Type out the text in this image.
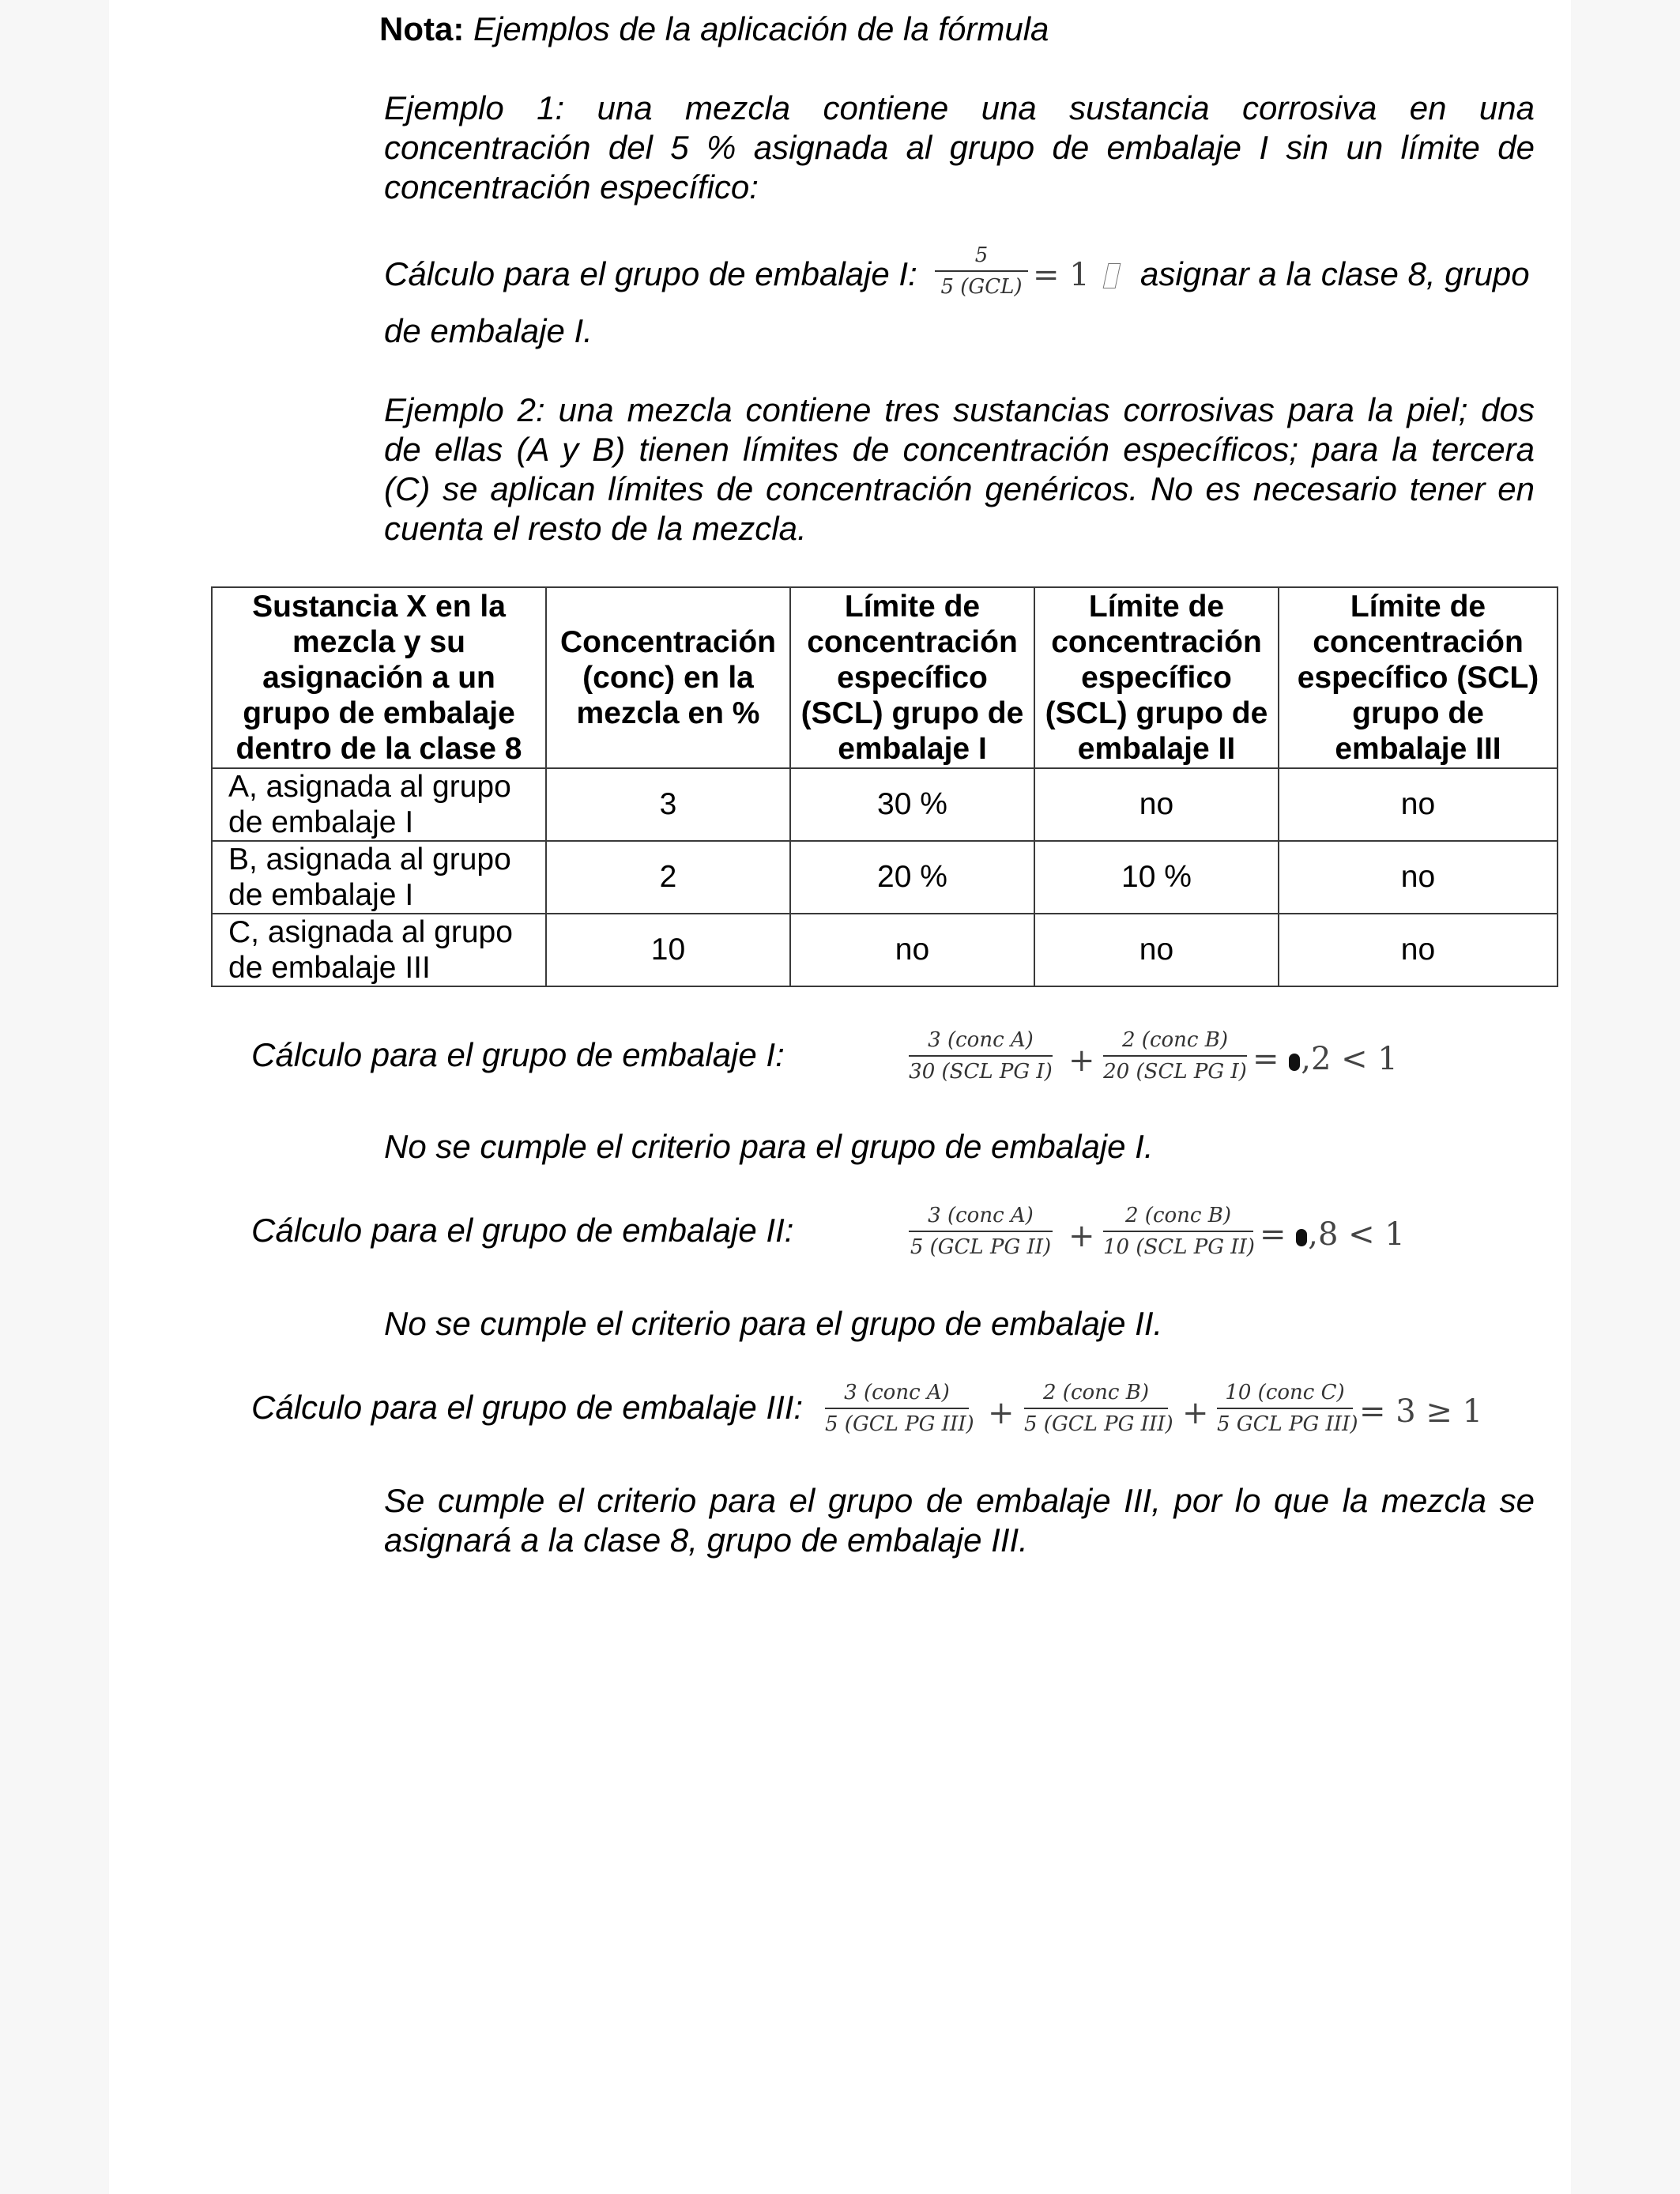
Nota: Ejemplos de la aplicación de la fórmula
Ejemplo 1: una mezcla contiene una sustancia corrosiva en una concentración del 5 % asignada al grupo de embalaje I sin un límite de concentración específico:
Cálculo para el grupo de embalaje I:	5
5 (GCL) = 1	asignar a la clase 8, grupo
de embalaje I.
Ejemplo 2: una mezcla contiene tres sustancias corrosivas para la piel; dos de ellas (A y B) tienen límites de concentración específicos; para la tercera (C) se aplican límites de concentración genéricos. No es necesario tener en cuenta el resto de la mezcla.
Sustancia X en la mezcla y su asignación a un grupo de embalaje dentro de la clase 8	Concentración (conc) en la mezcla en %	Límite de concentración específico (SCL) grupo de embalaje I	Límite de concentración específico (SCL) grupo de embalaje II	Límite de concentración específico (SCL) grupo de embalaje III
A, asignada al grupo de embalaje I	3	30 %	no	no
B, asignada al grupo de embalaje I	2	20 %	10 %	no
C, asignada al grupo de embalaje III	10	no	no	no
Cálculo para el grupo de embalaje I:	3 (conc A)
30 (SCL PG I) +
2 (conc B)
20 (SCL PG I) = ,2 < 1
No se cumple el criterio para el grupo de embalaje I.
Cálculo para el grupo de embalaje II:	3 (conc A)
5 (GCL PG II) +
2 (conc B)
10 (SCL PG II) = ,8 < 1
No se cumple el criterio para el grupo de embalaje II.
Cálculo para el grupo de embalaje III:	3 (conc A)
5 (GCL PG III) +
2 (conc B)
5 (GCL PG III) +
10 (conc C)
5 GCL PG III) = 3 ≥ 1
Se cumple el criterio para el grupo de embalaje III, por lo que la mezcla se asignará a la clase 8, grupo de embalaje III.
